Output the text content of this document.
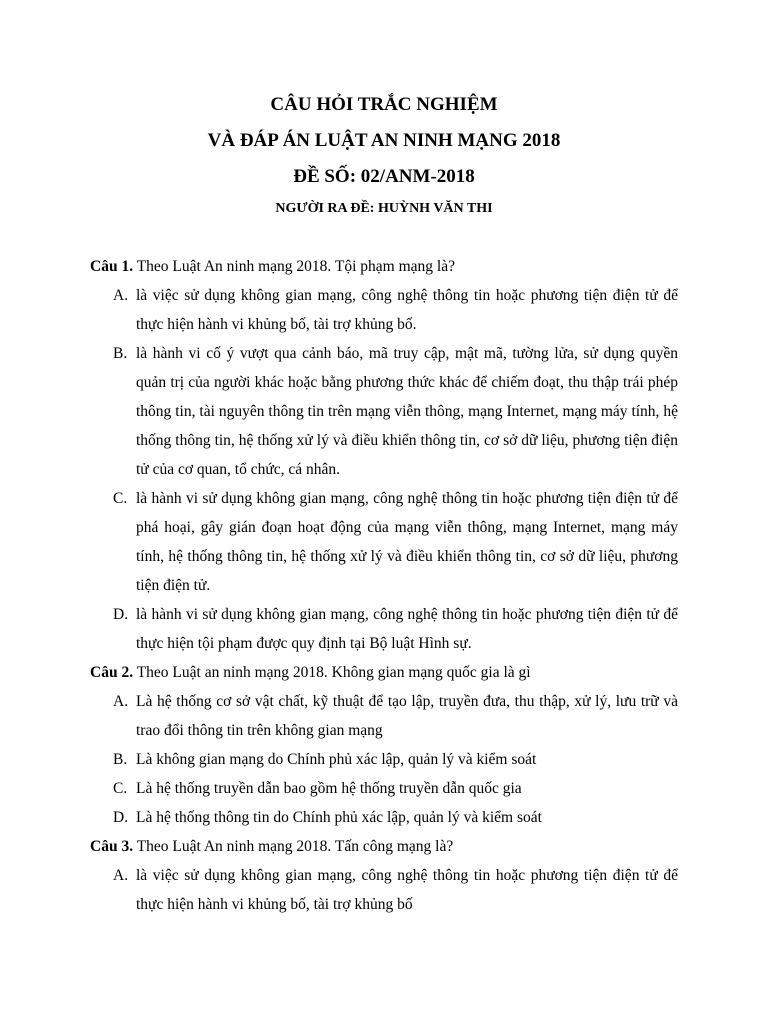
CÂU HỎI TRẮC NGHIỆM
VÀ ĐÁP ÁN LUẬT AN NINH MẠNG 2018
ĐỀ SỐ: 02/ANM-2018
NGƯỜI RA ĐỀ: HUỲNH VĂN THI
Câu 1. Theo Luật An ninh mạng 2018. Tội phạm mạng là?
A. là việc sử dụng không gian mạng, công nghệ thông tin hoặc phương tiện điện tử để thực hiện hành vi khủng bố, tài trợ khủng bố.
B. là hành vi cố ý vượt qua cảnh báo, mã truy cập, mật mã, tường lửa, sử dụng quyền quản trị của người khác hoặc bằng phương thức khác để chiếm đoạt, thu thập trái phép thông tin, tài nguyên thông tin trên mạng viễn thông, mạng Internet, mạng máy tính, hệ thống thông tin, hệ thống xử lý và điều khiển thông tin, cơ sở dữ liệu, phương tiện điện tử của cơ quan, tổ chức, cá nhân.
C. là hành vi sử dụng không gian mạng, công nghệ thông tin hoặc phương tiện điện tử để phá hoại, gây gián đoạn hoạt động của mạng viễn thông, mạng Internet, mạng máy tính, hệ thống thông tin, hệ thống xử lý và điều khiển thông tin, cơ sở dữ liệu, phương tiện điện tử.
D. là hành vi sử dụng không gian mạng, công nghệ thông tin hoặc phương tiện điện tử để thực hiện tội phạm được quy định tại Bộ luật Hình sự.
Câu 2. Theo Luật an ninh mạng 2018. Không gian mạng quốc gia là gì
A. Là hệ thống cơ sở vật chất, kỹ thuật để tạo lập, truyền đưa, thu thập, xử lý, lưu trữ và trao đổi thông tin trên không gian mạng
B. Là không gian mạng do Chính phủ xác lập, quản lý và kiểm soát
C. Là hệ thống truyền dẫn bao gồm hệ thống truyền dẫn quốc gia
D. Là hệ thống thông tin do Chính phủ xác lập, quản lý và kiểm soát
Câu 3. Theo Luật An ninh mạng 2018. Tấn công mạng là?
A. là việc sử dụng không gian mạng, công nghệ thông tin hoặc phương tiện điện tử để thực hiện hành vi khủng bố, tài trợ khủng bố
